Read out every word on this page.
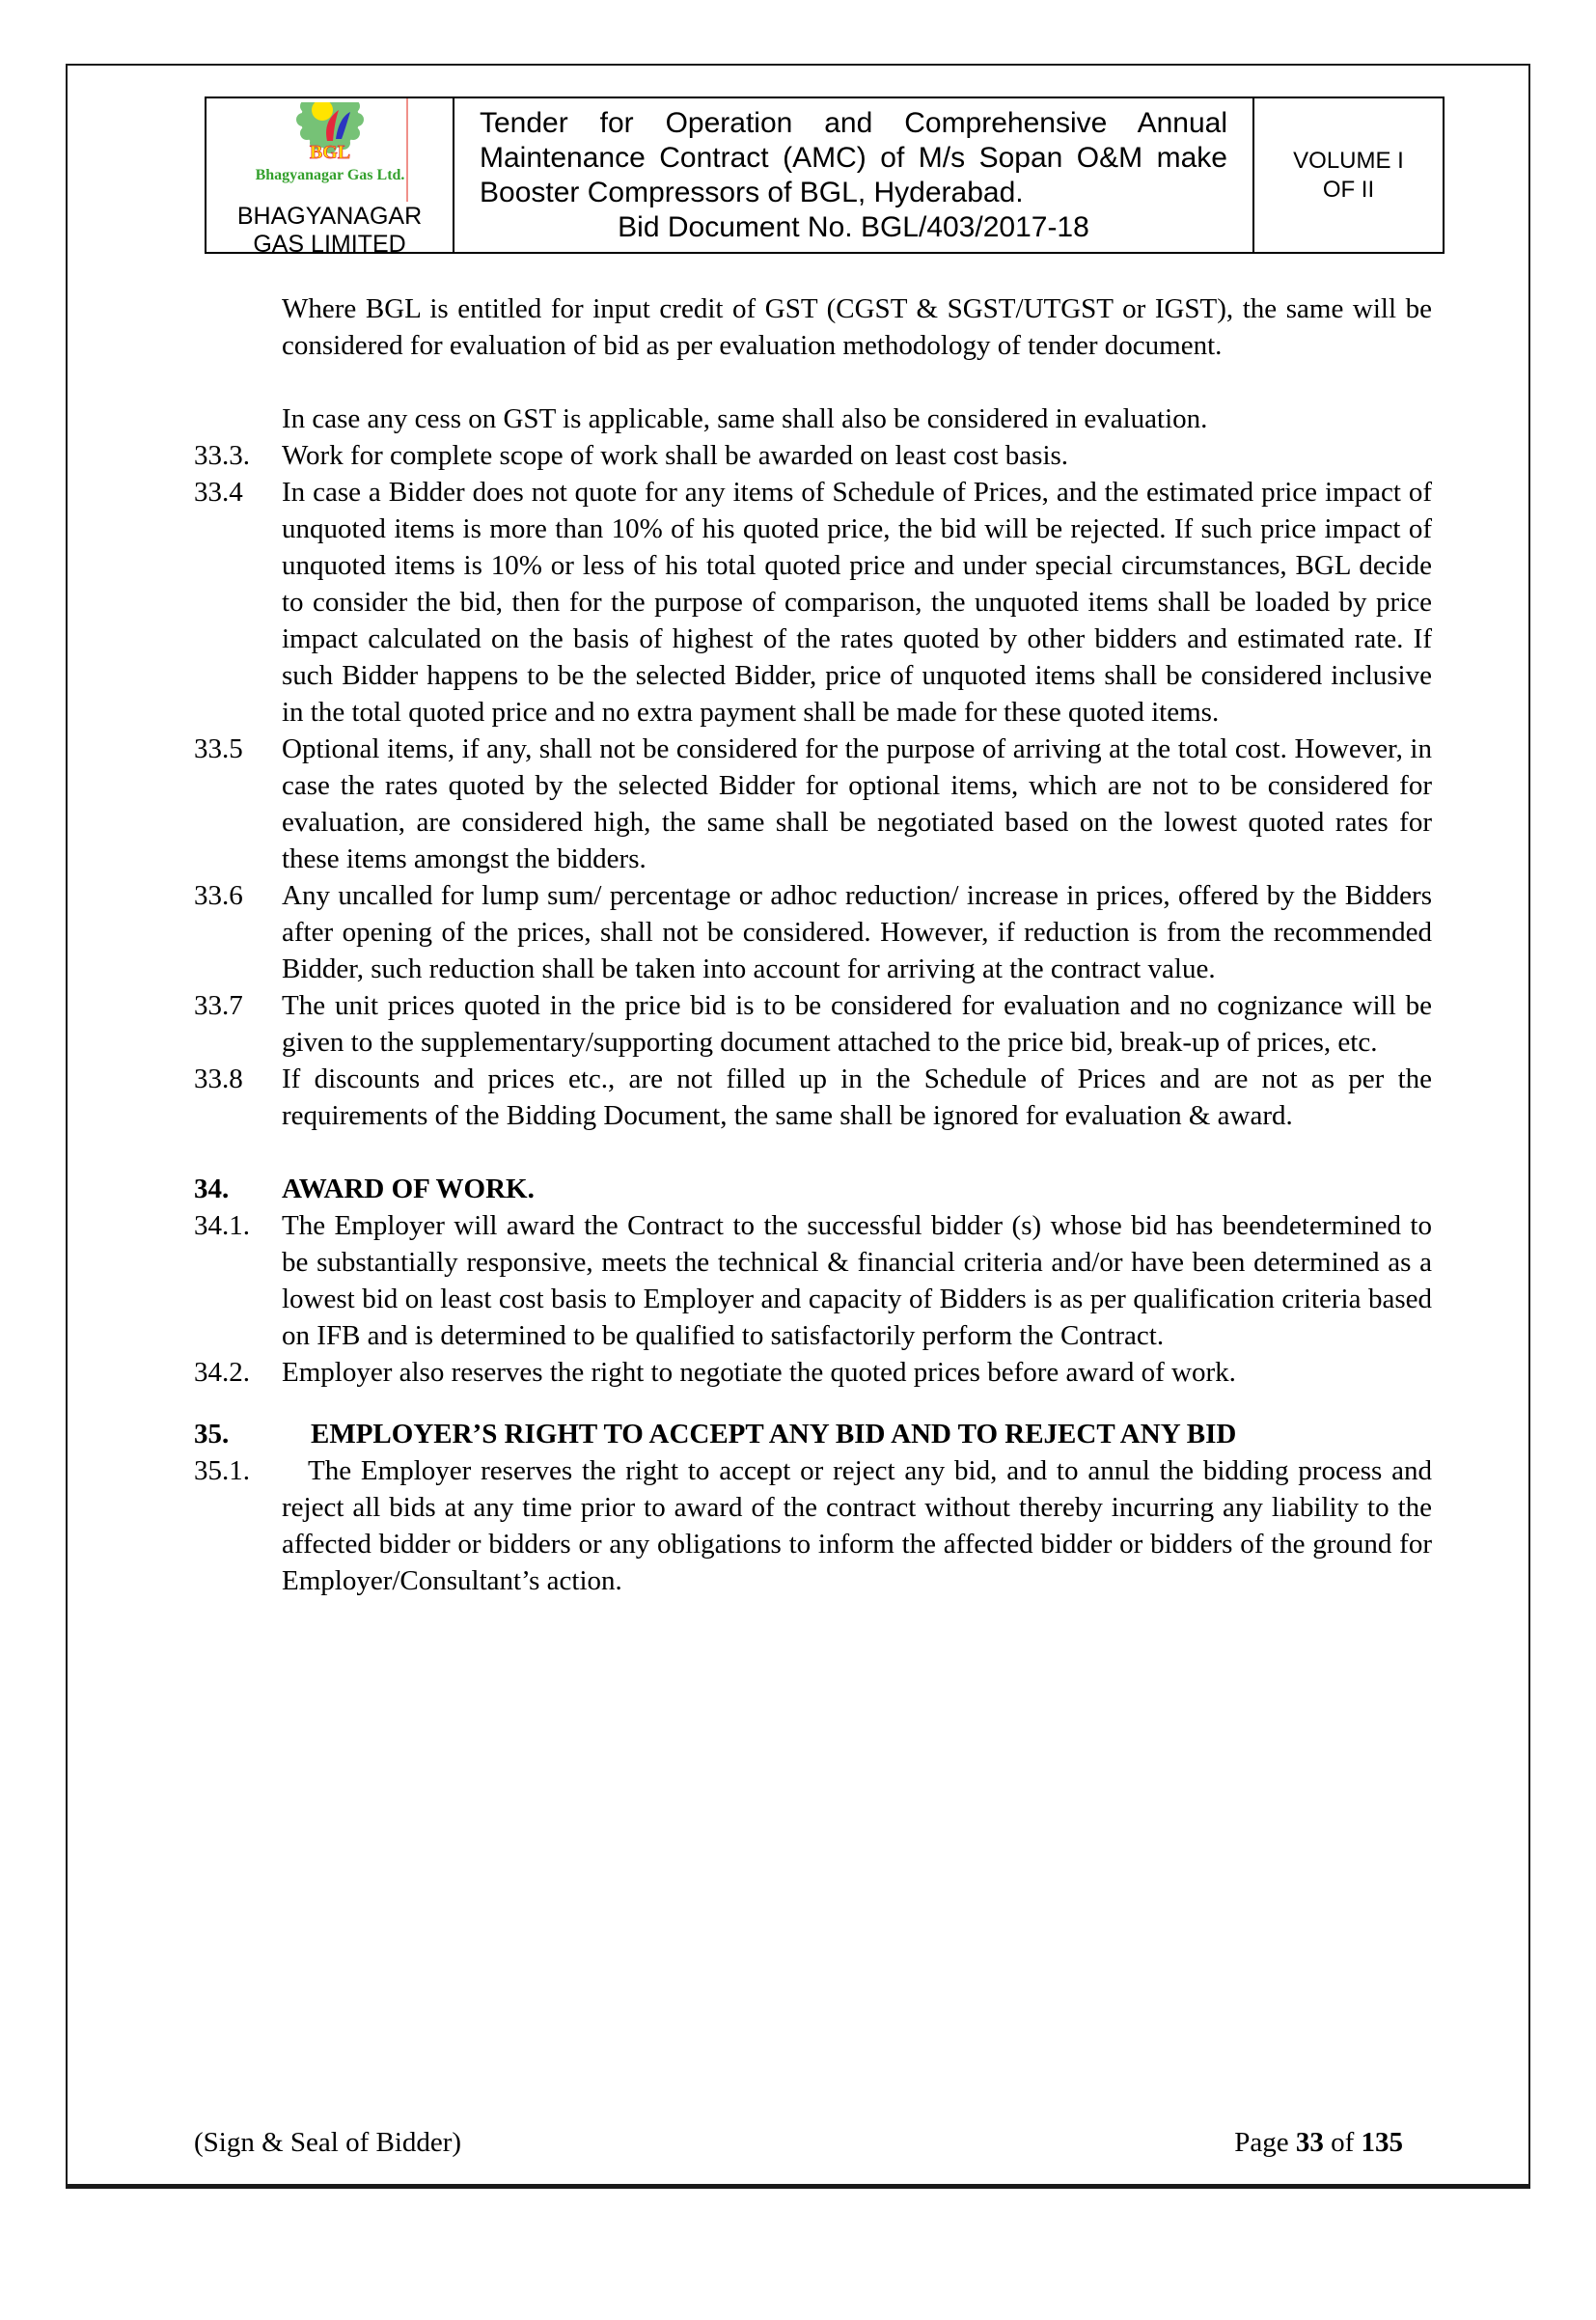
BGL
Bhagyanagar Gas Ltd.
BHAGYANAGAR GAS LIMITED
Tender for Operation and Comprehensive Annual Maintenance Contract (AMC) of M/s Sopan O&M make Booster Compressors of BGL, Hyderabad.
Bid Document No. BGL/403/2017-18
VOLUME I
OF II
Where BGL is entitled for input credit of GST (CGST & SGST/UTGST or IGST), the same will be considered for evaluation of bid as per evaluation methodology of tender document.
In case any cess on GST is applicable, same shall also be considered in evaluation.
33.3.	Work for complete scope of work shall be awarded on least cost basis.
33.4	In case a Bidder does not quote for any items of Schedule of Prices, and the estimated price impact of unquoted items is more than 10% of his quoted price, the bid will be rejected. If such price impact of unquoted items is 10% or less of his total quoted price and under special circumstances, BGL decide to consider the bid, then for the purpose of comparison, the unquoted items shall be loaded by price impact calculated on the basis of highest of the rates quoted by other bidders and estimated rate. If such Bidder happens to be the selected Bidder, price of unquoted items shall be considered inclusive in the total quoted price and no extra payment shall be made for these quoted items.
33.5	Optional items, if any, shall not be considered for the purpose of arriving at the total cost. However, in case the rates quoted by the selected Bidder for optional items, which are not to be considered for evaluation, are considered high, the same shall be negotiated based on the lowest quoted rates for these items amongst the bidders.
33.6	Any uncalled for lump sum/ percentage or adhoc reduction/ increase in prices, offered by the Bidders after opening of the prices, shall not be considered. However, if reduction is from the recommended Bidder, such reduction shall be taken into account for arriving at the contract value.
33.7	The unit prices quoted in the price bid is to be considered for evaluation and no cognizance will be given to the supplementary/supporting document attached to the price bid, break-up of prices, etc.
33.8	If discounts and prices etc., are not filled up in the Schedule of Prices and are not as per the requirements of the Bidding Document, the same shall be ignored for evaluation & award.
34.	AWARD OF WORK.
34.1.	The Employer will award the Contract to the successful bidder (s) whose bid has beendetermined to be substantially responsive, meets the technical & financial criteria and/or have been determined as a lowest bid on least cost basis to Employer and capacity of Bidders is as per qualification criteria based on IFB and is determined to be qualified to satisfactorily perform the Contract.
34.2.	Employer also reserves the right to negotiate the quoted prices before award of work.
35.	EMPLOYER’S RIGHT TO ACCEPT ANY BID AND TO REJECT ANY BID
35.1.	The Employer reserves the right to accept or reject any bid, and to annul the bidding process and reject all bids at any time prior to award of the contract without thereby incurring any liability to the affected bidder or bidders or any obligations to inform the affected bidder or bidders of the ground for Employer/Consultant’s action.
(Sign & Seal of Bidder)	Page 33 of 135
